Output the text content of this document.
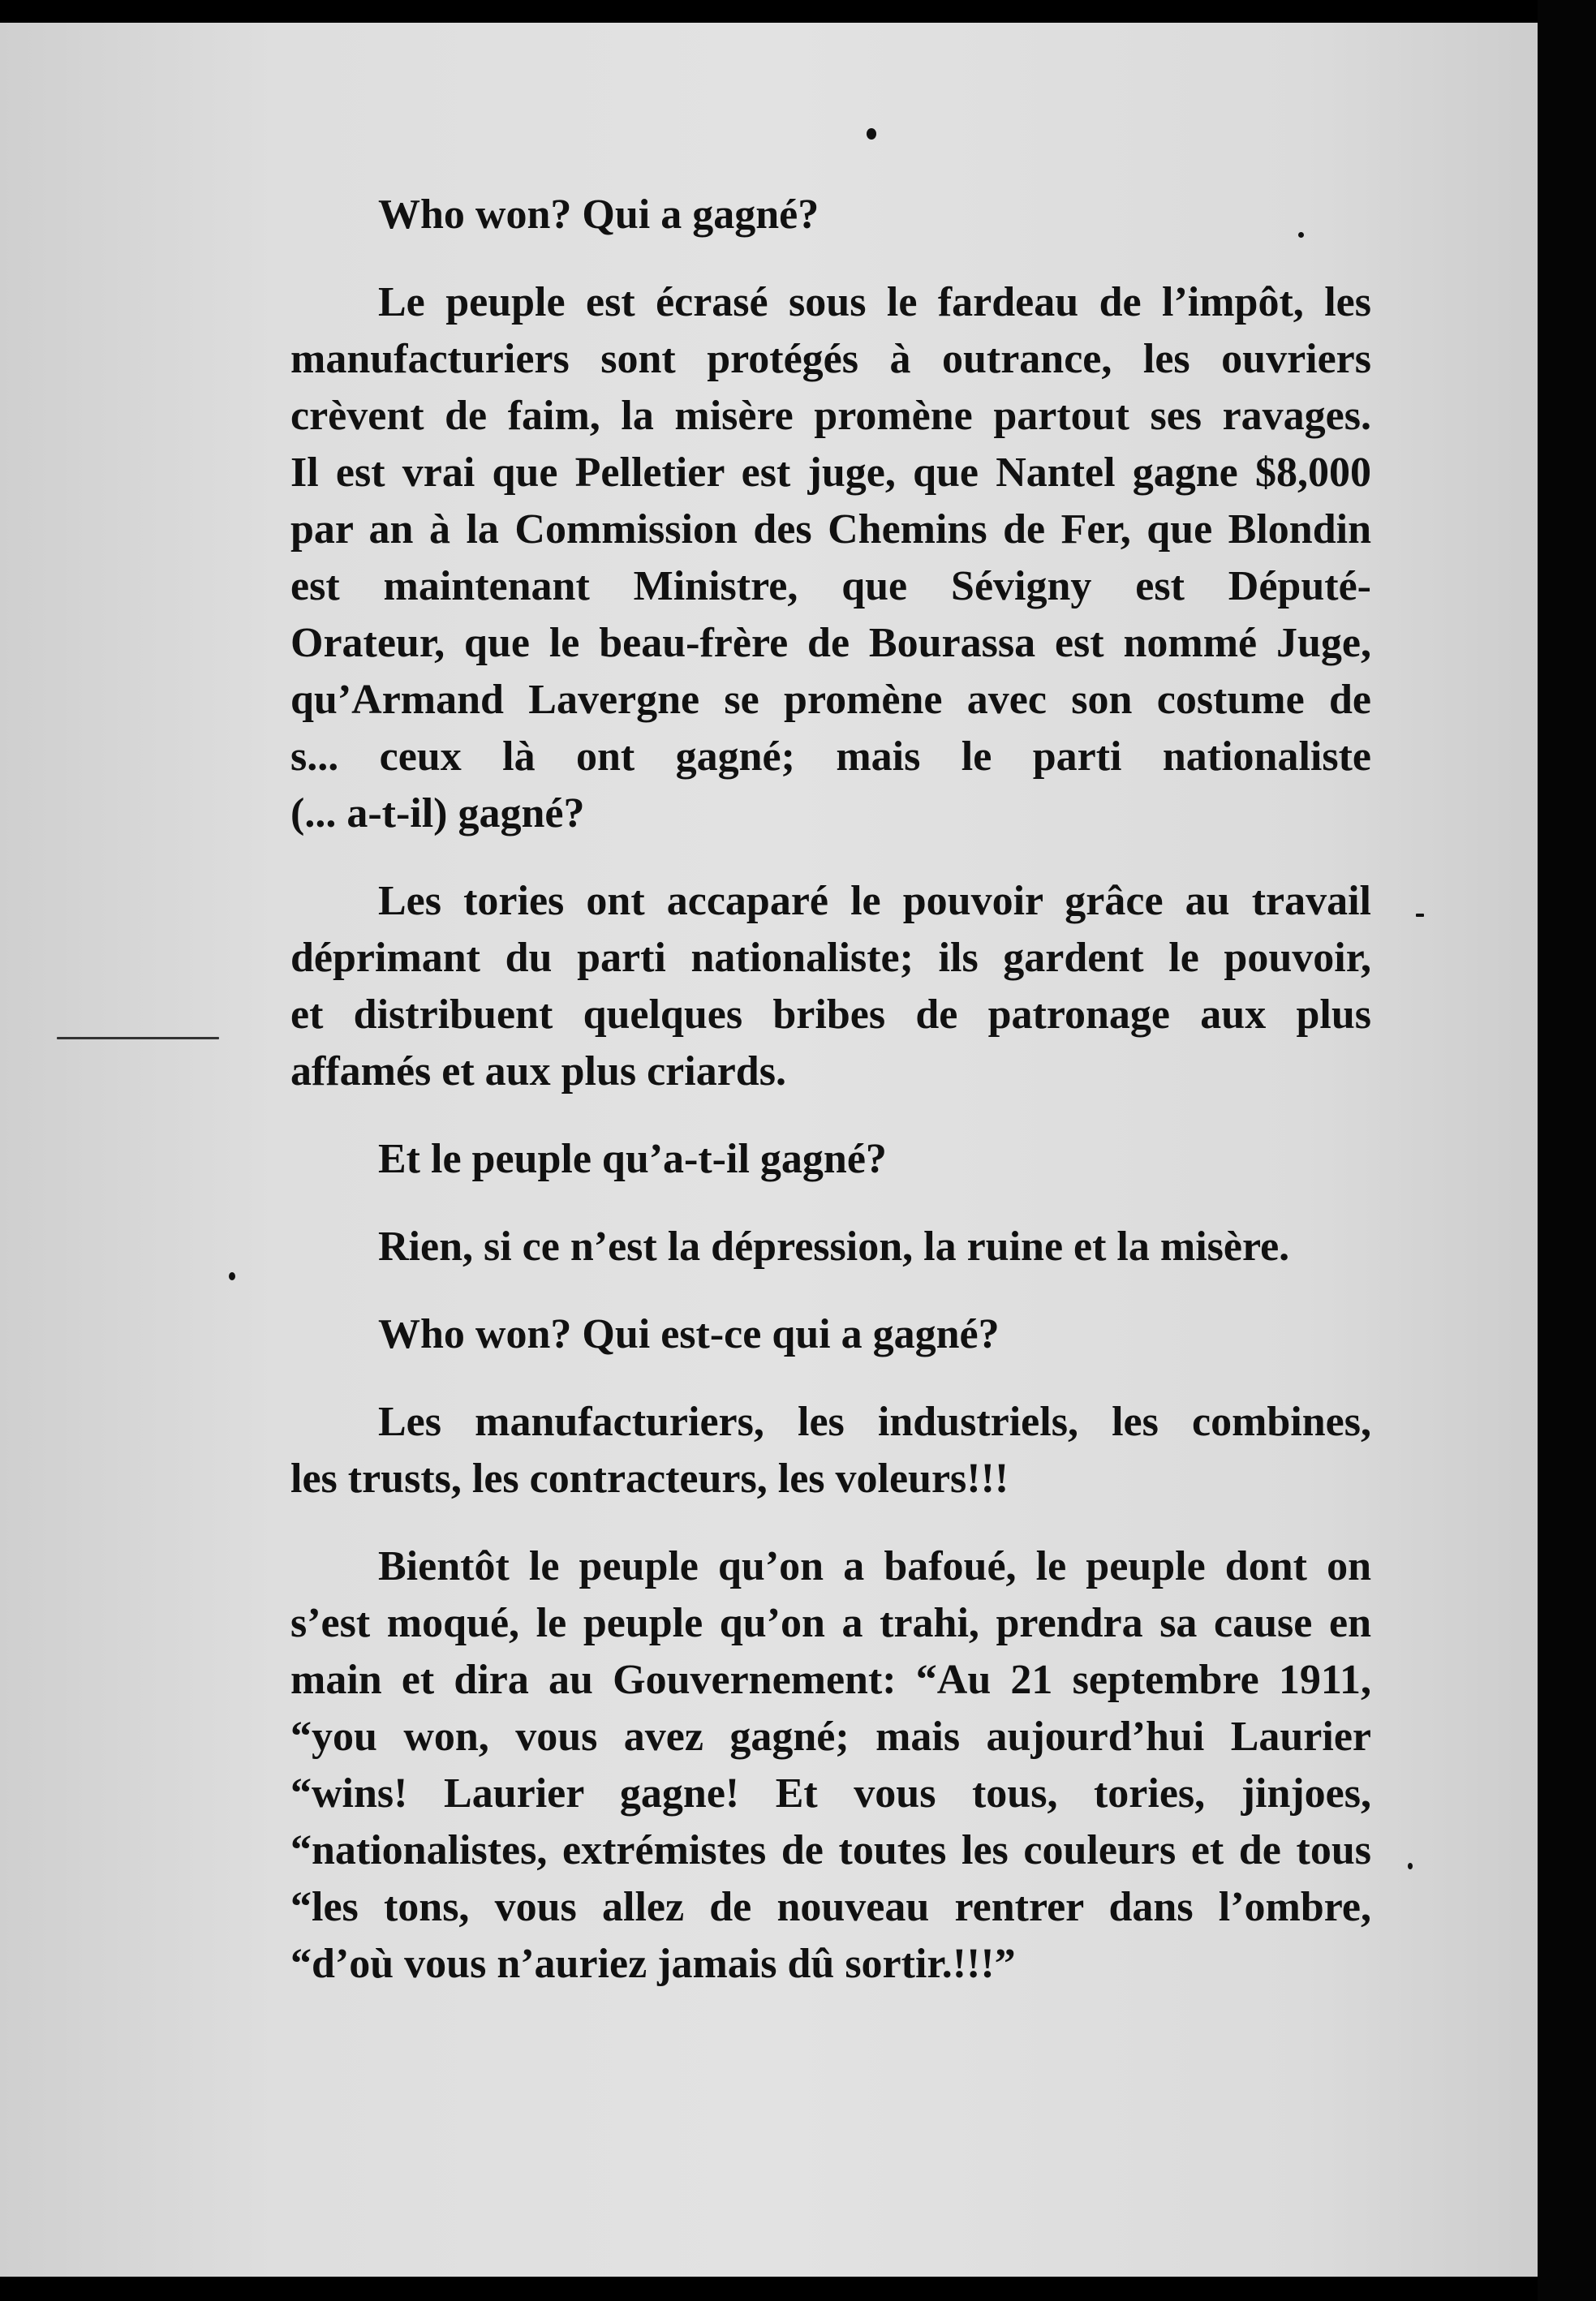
Who won? Qui a gagné?
Le peuple est écrasé sous le fardeau de l’impôt, les
manufacturiers sont protégés à outrance, les ouvriers
crèvent de faim, la misère promène partout ses ravages.
Il est vrai que Pelletier est juge, que Nantel gagne $8,000
par an à la Commission des Chemins de Fer, que Blondin
est maintenant Ministre, que Sévigny est Député-
Orateur, que le beau-frère de Bourassa est nommé Juge,
qu’Armand Lavergne se promène avec son costume de
s... ceux là ont gagné; mais le parti nationaliste
(... a-t-il) gagné?
Les tories ont accaparé le pouvoir grâce au travail
déprimant du parti nationaliste; ils gardent le pouvoir,
et distribuent quelques bribes de patronage aux plus
affamés et aux plus criards.
Et le peuple qu’a-t-il gagné?
Rien, si ce n’est la dépression, la ruine et la misère.
Who won? Qui est-ce qui a gagné?
Les manufacturiers, les industriels, les combines,
les trusts, les contracteurs, les voleurs!!!
Bientôt le peuple qu’on a bafoué, le peuple dont on
s’est moqué, le peuple qu’on a trahi, prendra sa cause en
main et dira au Gouvernement: “Au 21 septembre 1911,
“you won, vous avez gagné; mais aujourd’hui Laurier
“wins! Laurier gagne! Et vous tous, tories, jinjoes,
“nationalistes, extrémistes de toutes les couleurs et de tous
“les tons, vous allez de nouveau rentrer dans l’ombre,
“d’où vous n’auriez jamais dû sortir.!!!”
